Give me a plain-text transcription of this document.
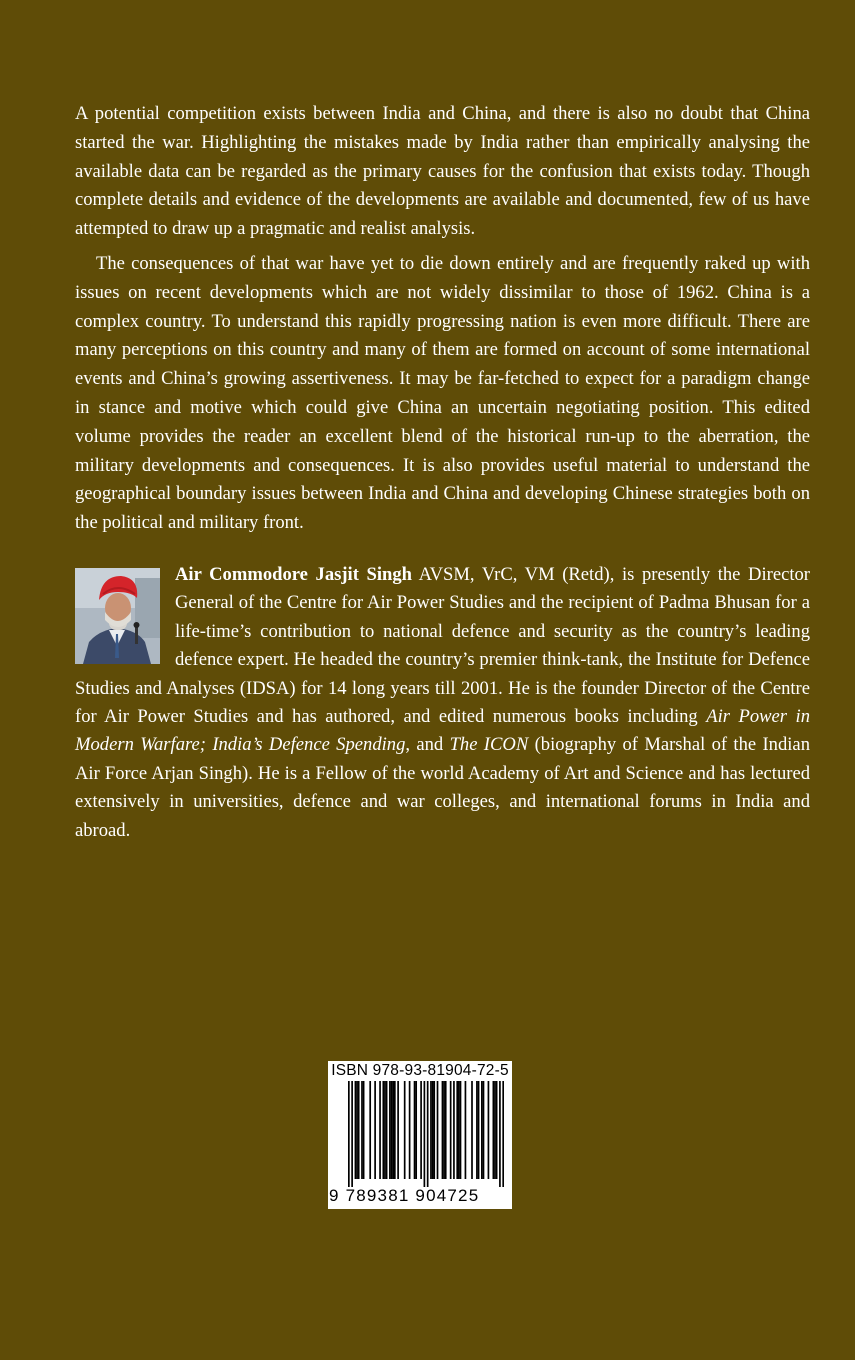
A potential competition exists between India and China, and there is also no doubt that China started the war. Highlighting the mistakes made by India rather than empirically analysing the available data can be regarded as the primary causes for the confusion that exists today. Though complete details and evidence of the developments are available and documented, few of us have attempted to draw up a pragmatic and realist analysis.

The consequences of that war have yet to die down entirely and are frequently raked up with issues on recent developments which are not widely dissimilar to those of 1962. China is a complex country. To understand this rapidly progressing nation is even more difficult. There are many perceptions on this country and many of them are formed on account of some international events and China’s growing assertiveness. It may be far-fetched to expect for a paradigm change in stance and motive which could give China an uncertain negotiating position. This edited volume provides the reader an excellent blend of the historical run-up to the aberration, the military developments and consequences. It is also provides useful material to understand the geographical boundary issues between India and China and developing Chinese strategies both on the political and military front.

Air Commodore Jasjit Singh AVSM, VrC, VM (Retd), is presently the Director General of the Centre for Air Power Studies and the recipient of Padma Bhusan for a life-time’s contribution to national defence and security as the country’s leading defence expert. He headed the country’s premier think-tank, the Institute for Defence Studies and Analyses (IDSA) for 14 long years till 2001. He is the founder Director of the Centre for Air Power Studies and has authored, and edited numerous books including Air Power in Modern Warfare; India’s Defence Spending, and The ICON (biography of Marshal of the Indian Air Force Arjan Singh). He is a Fellow of the world Academy of Art and Science and has lectured extensively in universities, defence and war colleges, and international forums in India and abroad.
ISBN 978-93-81904-72-5
9 789381 904725
